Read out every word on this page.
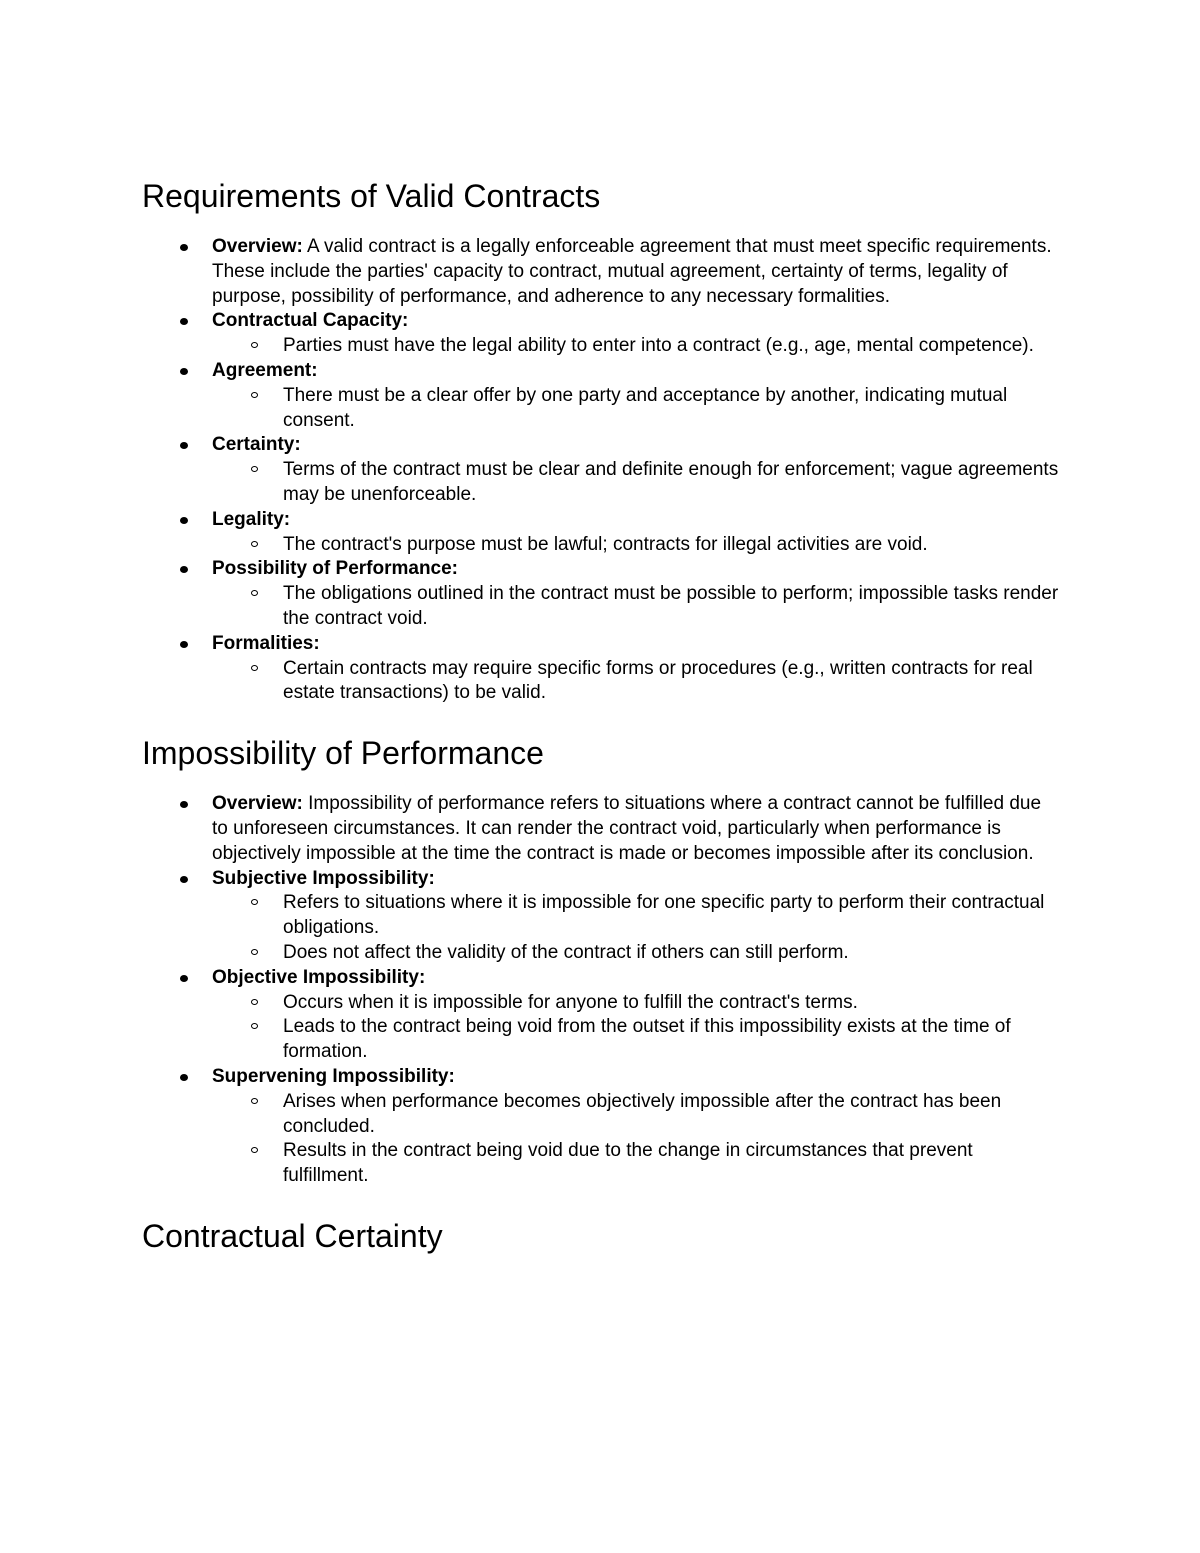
Requirements of Valid Contracts
Overview: A valid contract is a legally enforceable agreement that must meet specific requirements. These include the parties' capacity to contract, mutual agreement, certainty of terms, legality of purpose, possibility of performance, and adherence to any necessary formalities.
Contractual Capacity:
Parties must have the legal ability to enter into a contract (e.g., age, mental competence).
Agreement:
There must be a clear offer by one party and acceptance by another, indicating mutual consent.
Certainty:
Terms of the contract must be clear and definite enough for enforcement; vague agreements may be unenforceable.
Legality:
The contract's purpose must be lawful; contracts for illegal activities are void.
Possibility of Performance:
The obligations outlined in the contract must be possible to perform; impossible tasks render the contract void.
Formalities:
Certain contracts may require specific forms or procedures (e.g., written contracts for real estate transactions) to be valid.
Impossibility of Performance
Overview: Impossibility of performance refers to situations where a contract cannot be fulfilled due to unforeseen circumstances. It can render the contract void, particularly when performance is objectively impossible at the time the contract is made or becomes impossible after its conclusion.
Subjective Impossibility:
Refers to situations where it is impossible for one specific party to perform their contractual obligations.
Does not affect the validity of the contract if others can still perform.
Objective Impossibility:
Occurs when it is impossible for anyone to fulfill the contract's terms.
Leads to the contract being void from the outset if this impossibility exists at the time of formation.
Supervening Impossibility:
Arises when performance becomes objectively impossible after the contract has been concluded.
Results in the contract being void due to the change in circumstances that prevent fulfillment.
Contractual Certainty
